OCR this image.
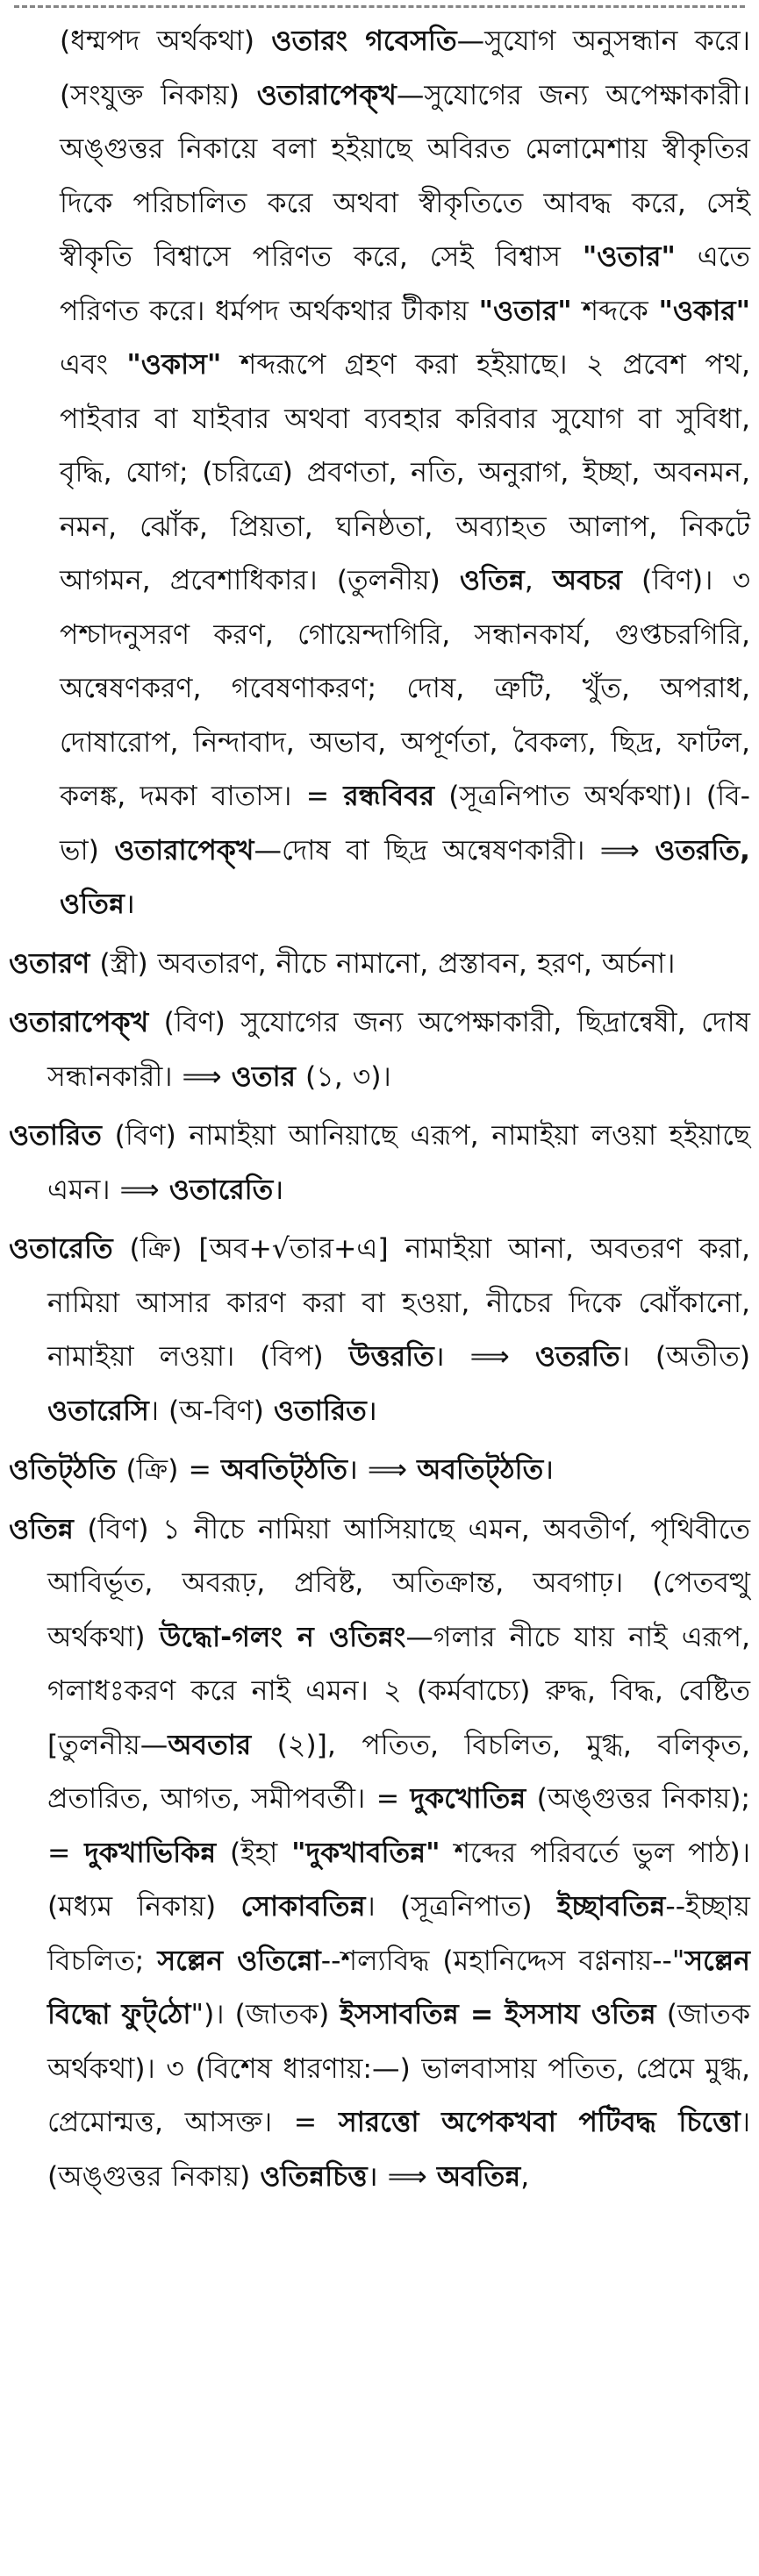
(ধম্মপদ অর্থকথা) ওতারং গবেসতি—সুযোগ অনুসন্ধান করে। (সংযুক্ত নিকায়) ওতারাপেক্‌খ—সুযোগের জন্য অপেক্ষাকারী। অঙ্গুত্তর নিকায়ে বলা হইয়াছে অবিরত মেলামেশায় স্বীকৃতির দিকে পরিচালিত করে অথবা স্বীকৃতিতে আবদ্ধ করে, সেই স্বীকৃতি বিশ্বাসে পরিণত করে, সেই বিশ্বাস "ওতার" এতে পরিণত করে। ধর্মপদ অর্থকথার টীকায় "ওতার" শব্দকে "ওকার" এবং "ওকাস" শব্দরূপে গ্রহণ করা হইয়াছে। ২ প্রবেশ পথ, পাইবার বা যাইবার অথবা ব্যবহার করিবার সুযোগ বা সুবিধা, বৃদ্ধি, যোগ; (চরিত্রে) প্রবণতা, নতি, অনুরাগ, ইচ্ছা, অবনমন, নমন, ঝোঁক, প্রিয়তা, ঘনিষ্ঠতা, অব্যাহত আলাপ, নিকটে আগমন, প্রবেশাধিকার। (তুলনীয়) ওতিন্ন, অবচর (বিণ)। ৩ পশ্চাদনুসরণ করণ, গোয়েন্দাগিরি, সন্ধানকার্য, গুপ্তচরগিরি, অন্বেষণকরণ, গবেষণাকরণ; দোষ, ত্রুটি, খুঁত, অপরাধ, দোষারোপ, নিন্দাবাদ, অভাব, অপূর্ণতা, বৈকল্য, ছিদ্র, ফাটল, কলঙ্ক, দমকা বাতাস। = রন্ধবিবর (সূত্রনিপাত অর্থকথা)। (বি-ভা) ওতারাপেক্‌খ—দোষ বা ছিদ্র অন্বেষণকারী। ⟹ ওতরতি, ওতিন্ন।

ওতারণ (স্ত্রী) অবতারণ, নীচে নামানো, প্রস্তাবন, হরণ, অর্চনা।

ওতারাপেক্‌খ (বিণ) সুযোগের জন্য অপেক্ষাকারী, ছিদ্রান্বেষী, দোষ সন্ধানকারী। ⟹ ওতার (১, ৩)।

ওতারিত (বিণ) নামাইয়া আনিয়াছে এরূপ, নামাইয়া লওয়া হইয়াছে এমন। ⟹ ওতারেতি।

ওতারেতি (ক্রি) [অব+√তার+এ] নামাইয়া আনা, অবতরণ করা, নামিয়া আসার কারণ করা বা হওয়া, নীচের দিকে ঝোঁকানো, নামাইয়া লওয়া। (বিপ) উত্তরতি। ⟹ ওতরতি। (অতীত) ওতারেসি। (অ-বিণ) ওতারিত।

ওতিট্‌ঠতি (ক্রি) = অবতিট্‌ঠতি। ⟹ অবতিট্‌ঠতি।

ওতিন্ন (বিণ) ১ নীচে নামিয়া আসিয়াছে এমন, অবতীর্ণ, পৃথিবীতে আবির্ভূত, অবরূঢ়, প্রবিষ্ট, অতিক্রান্ত, অবগাঢ়। (পেতবত্থু অর্থকথা) উদ্ধো-গলং ন ওতিন্নং—গলার নীচে যায় নাই এরূপ, গলাধঃকরণ করে নাই এমন। ২ (কর্মবাচ্যে) রুদ্ধ, বিদ্ধ, বেষ্টিত [তুলনীয়—অবতার (২)], পতিত, বিচলিত, মুগ্ধ, বলিকৃত, প্রতারিত, আগত, সমীপবর্তী। = দুকখোতিন্ন (অঙ্গুত্তর নিকায়); = দুকখাভিকিন্ন (ইহা "দুকখাবতিন্ন" শব্দের পরিবর্তে ভুল পাঠ)। (মধ্যম নিকায়) সোকাবতিন্ন। (সূত্রনিপাত) ইচ্ছাবতিন্ন--ইচ্ছায় বিচলিত; সল্লেন ওতিন্নো--শল্যবিদ্ধ (মহানিদ্দেস বণ্ণনায়--"সল্লেন বিদ্ধো ফুট্‌ঠো")। (জাতক) ইসসাবতিন্ন = ইসসায ওতিন্ন (জাতক অর্থকথা)। ৩ (বিশেষ ধারণায়:—) ভালবাসায় পতিত, প্রেমে মুগ্ধ, প্রেমোন্মত্ত, আসক্ত। = সারত্তো অপেকখবা পটিবদ্ধ চিত্তো। (অঙ্গুত্তর নিকায়) ওতিন্নচিত্ত। ⟹ অবতিন্ন,
